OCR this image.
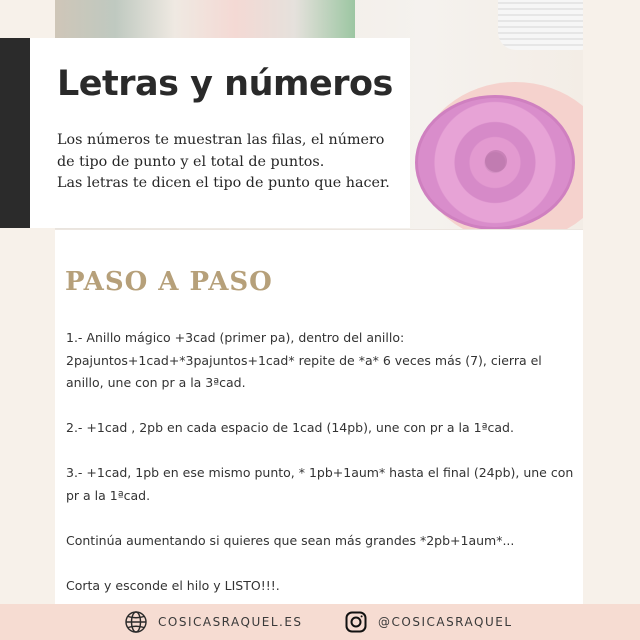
Letras y números
Los números te muestran las filas, el número
de tipo de punto y el total de puntos.
Las letras te dicen el tipo de punto que hacer.
PASO A PASO

1.- Anillo mágico +3cad (primer pa), dentro del anillo: 2pajuntos+1cad+*3pajuntos+1cad* repite de *a* 6 veces más (7), cierra el anillo, une con pr a la 3ªcad.

2.- +1cad , 2pb en cada espacio de 1cad (14pb), une con pr a la 1ªcad.

3.- +1cad, 1pb en ese mismo punto, * 1pb+1aum* hasta el final (24pb), une con pr a la 1ªcad.

Continúa aumentando si quieres que sean más grandes *2pb+1aum*...

Corta y esconde el hilo y LISTO!!!.

COSICASRAQUEL.ES	@COSICASRAQUEL
